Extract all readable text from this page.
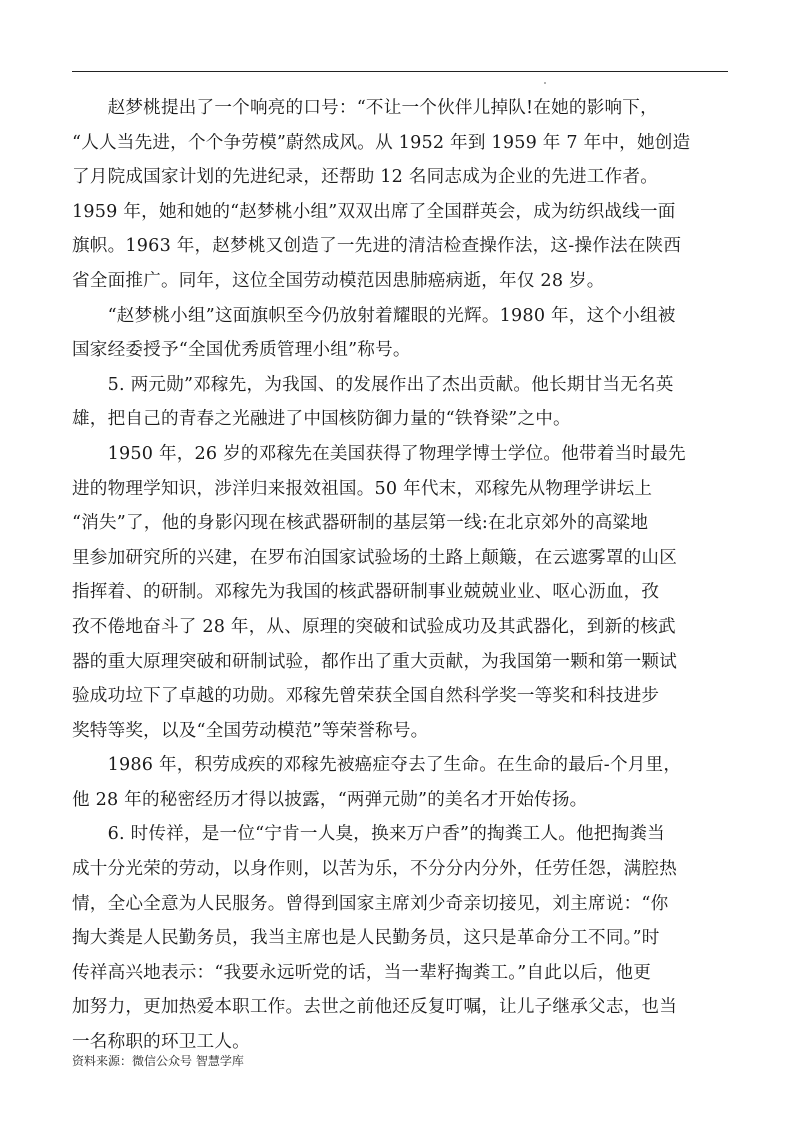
　　赵梦桃提出了一个响亮的口号：“不让一个伙伴儿掉队!在她的影响下，
“人人当先进，个个争劳模”蔚然成风。从 1952 年到 1959 年 7 年中，她创造
了月院成国家计划的先进纪录，还帮助 12 名同志成为企业的先进工作者。
1959 年，她和她的“赵梦桃小组”双双出席了全国群英会，成为纺织战线一面
旗帜。1963 年，赵梦桃又创造了一先进的清洁检查操作法，这-操作法在陕西
省全面推广。同年，这位全国劳动模范因患肺癌病逝，年仅 28 岁。
　　“赵梦桃小组”这面旗帜至今仍放射着耀眼的光辉。1980 年，这个小组被
国家经委授予“全国优秀质管理小组”称号。
　　5. 两元勋”邓稼先，为我国、的发展作出了杰出贡献。他长期甘当无名英
雄，把自己的青春之光融进了中国核防御力量的“铁脊梁”之中。
　　1950 年，26 岁的邓稼先在美国获得了物理学博士学位。他带着当时最先
进的物理学知识，涉洋归来报效祖国。50 年代末，邓稼先从物理学讲坛上
“消失”了，他的身影闪现在核武器研制的基层第一线:在北京郊外的高粱地
里参加研究所的兴建，在罗布泊国家试验场的土路上颠簸，在云遮雾罩的山区
指挥着、的研制。邓稼先为我国的核武器研制事业兢兢业业、呕心沥血，孜
孜不倦地奋斗了 28 年，从、原理的突破和试验成功及其武器化，到新的核武
器的重大原理突破和研制试验，都作出了重大贡献，为我国第一颗和第一颗试
验成功垃下了卓越的功勋。邓稼先曾荣获全国自然科学奖一等奖和科技进步
奖特等奖，以及“全国劳动模范”等荣誉称号。
　　1986 年，积劳成疾的邓稼先被癌症夺去了生命。在生命的最后-个月里，
他 28 年的秘密经历才得以披露，“两弹元勋”的美名才开始传扬。
　　6. 时传祥，是一位“宁肯一人臭，换来万户香”的掏粪工人。他把掏粪当
成十分光荣的劳动，以身作则，以苦为乐，不分分内分外，任劳任怨，满腔热
情，全心全意为人民服务。曾得到国家主席刘少奇亲切接见，刘主席说：“你
掏大粪是人民勤务员，我当主席也是人民勤务员，这只是革命分工不同。”时
传祥高兴地表示：“我要永远听党的话，当一辈籽掏粪工。”自此以后，他更
加努力，更加热爱本职工作。去世之前他还反复叮嘱，让儿子继承父志，也当
一名称职的环卫工人。
资料来源：微信公众号 智慧学库
